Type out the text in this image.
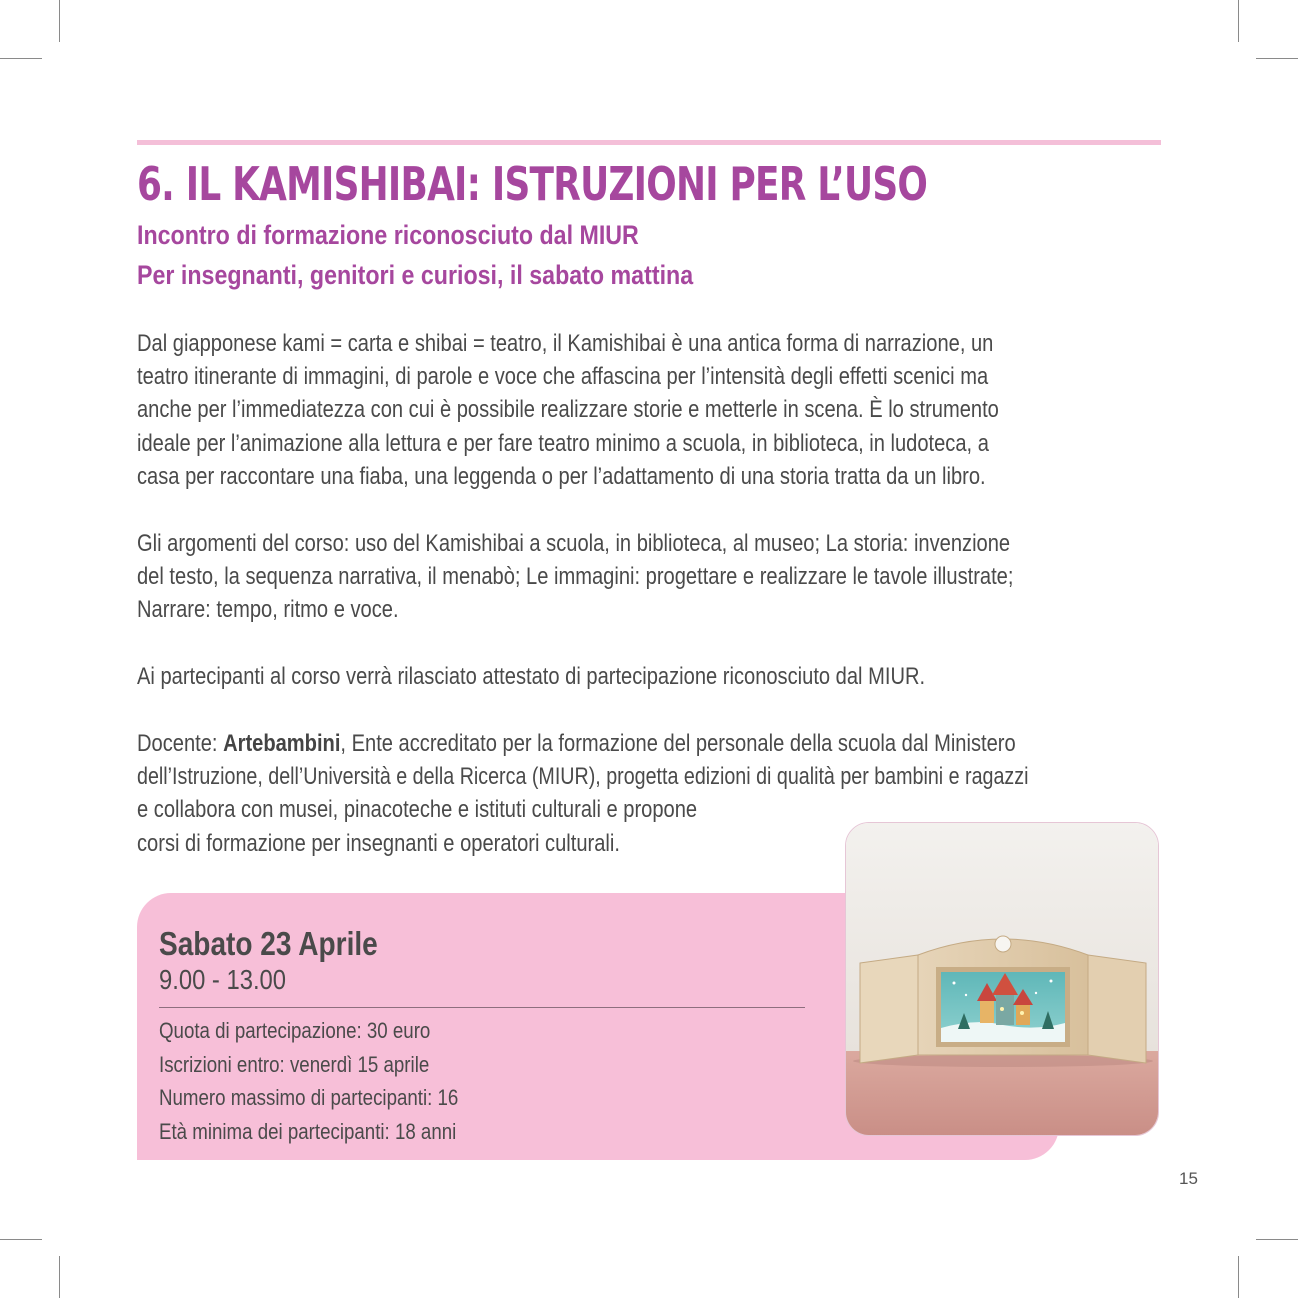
6. IL KAMISHIBAI: ISTRUZIONI PER L’USO
Incontro di formazione riconosciuto dal MIUR
Per insegnanti, genitori e curiosi, il sabato mattina
Dal giapponese kami = carta e shibai = teatro, il Kamishibai è una antica forma di narrazione, un
teatro itinerante di immagini, di parole e voce che affascina per l’intensità degli effetti scenici ma
anche per l’immediatezza con cui è possibile realizzare storie e metterle in scena. È lo strumento
ideale per l’animazione alla lettura e per fare teatro minimo a scuola, in biblioteca, in ludoteca, a
casa per raccontare una fiaba, una leggenda o per l’adattamento di una storia tratta da un libro.
Gli argomenti del corso: uso del Kamishibai a scuola, in biblioteca, al museo; La storia: invenzione
del testo, la sequenza narrativa, il menabò; Le immagini: progettare e realizzare le tavole illustrate;
Narrare: tempo, ritmo e voce.
Ai partecipanti al corso verrà rilasciato attestato di partecipazione riconosciuto dal MIUR.
Docente: Artebambini, Ente accreditato per la formazione del personale della scuola dal Ministero
dell’Istruzione, dell’Università e della Ricerca (MIUR), progetta edizioni di qualità per bambini e ragazzi
e collabora con musei, pinacoteche e istituti culturali e propone
corsi di formazione per insegnanti e operatori culturali.
Sabato 23 Aprile
9.00 - 13.00
Quota di partecipazione: 30 euro
Iscrizioni entro: venerdì 15 aprile
Numero massimo di partecipanti: 16
Età minima dei partecipanti: 18 anni
15
